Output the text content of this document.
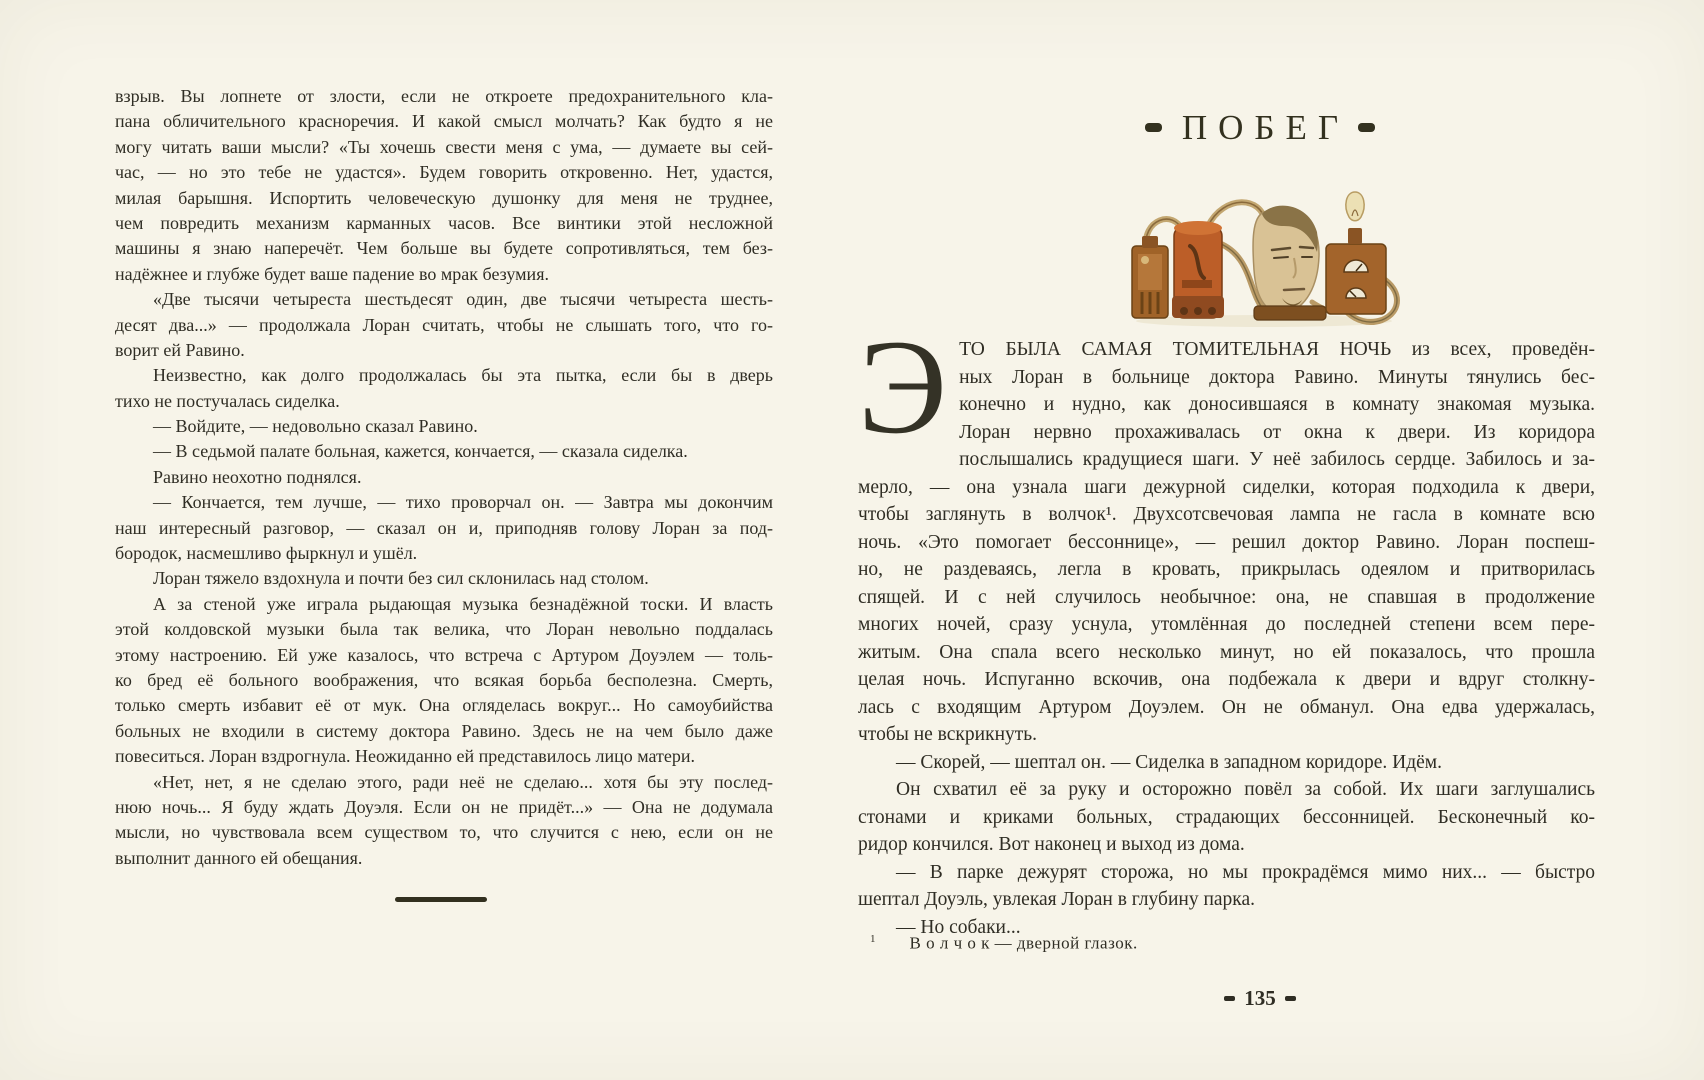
взрыв. Вы лопнете от злости, если не откроете предохранительного кла-
пана обличительного красноречия. И какой смысл молчать? Как будто я не
могу читать ваши мысли? «Ты хочешь свести меня с ума, — думаете вы сей-
час, — но это тебе не удастся». Будем говорить откровенно. Нет, удастся,
милая барышня. Испортить человеческую душонку для меня не труднее,
чем повредить механизм карманных часов. Все винтики этой несложной
машины я знаю наперечёт. Чем больше вы будете сопротивляться, тем без-
надёжнее и глубже будет ваше падение во мрак безумия.
«Две тысячи четыреста шестьдесят один, две тысячи четыреста шесть-
десят два...» — продолжала Лоран считать, чтобы не слышать того, что го-
ворит ей Равино.
Неизвестно, как долго продолжалась бы эта пытка, если бы в дверь
тихо не постучалась сиделка.
— Войдите, — недовольно сказал Равино.
— В седьмой палате больная, кажется, кончается, — сказала сиделка.
Равино неохотно поднялся.
— Кончается, тем лучше, — тихо проворчал он. — Завтра мы докончим
наш интересный разговор, — сказал он и, приподняв голову Лоран за под-
бородок, насмешливо фыркнул и ушёл.
Лоран тяжело вздохнула и почти без сил склонилась над столом.
А за стеной уже играла рыдающая музыка безнадёжной тоски. И власть
этой колдовской музыки была так велика, что Лоран невольно поддалась
этому настроению. Ей уже казалось, что встреча с Артуром Доуэлем — толь-
ко бред её больного воображения, что всякая борьба бесполезна. Смерть,
только смерть избавит её от мук. Она огляделась вокруг... Но самоубийства
больных не входили в систему доктора Равино. Здесь не на чем было даже
повеситься. Лоран вздрогнула. Неожиданно ей представилось лицо матери.
«Нет, нет, я не сделаю этого, ради неё не сделаю... хотя бы эту послед-
нюю ночь... Я буду ждать Доуэля. Если он не придёт...» — Она не додумала
мысли, но чувствовала всем существом то, что случится с нею, если он не
выполнит данного ей обещания.
ПОБЕГ
Э ТО БЫЛА САМАЯ ТОМИТЕЛЬНАЯ НОЧЬ из всех, проведён-
ных Лоран в больнице доктора Равино. Минуты тянулись бес-
конечно и нудно, как доносившаяся в комнату знакомая музыка.
Лоран нервно прохаживалась от окна к двери. Из коридора
послышались крадущиеся шаги. У неё забилось сердце. Забилось и за-
мерло, — она узнала шаги дежурной сиделки, которая подходила к двери,
чтобы заглянуть в волчок¹. Двухсотсвечовая лампа не гасла в комнате всю
ночь. «Это помогает бессоннице», — решил доктор Равино. Лоран поспеш-
но, не раздеваясь, легла в кровать, прикрылась одеялом и притворилась
спящей. И с ней случилось необычное: она, не спавшая в продолжение
многих ночей, сразу уснула, утомлённая до последней степени всем пере-
житым. Она спала всего несколько минут, но ей показалось, что прошла
целая ночь. Испуганно вскочив, она подбежала к двери и вдруг столкну-
лась с входящим Артуром Доуэлем. Он не обманул. Она едва удержалась,
чтобы не вскрикнуть.
— Скорей, — шептал он. — Сиделка в западном коридоре. Идём.
Он схватил её за руку и осторожно повёл за собой. Их шаги заглушались
стонами и криками больных, страдающих бессонницей. Бесконечный ко-
ридор кончился. Вот наконец и выход из дома.
— В парке дежурят сторожа, но мы прокрадёмся мимо них... — быстро
шептал Доуэль, увлекая Лоран в глубину парка.
— Но собаки...
$^1$ В о л ч о к — дверной глазок.
135
